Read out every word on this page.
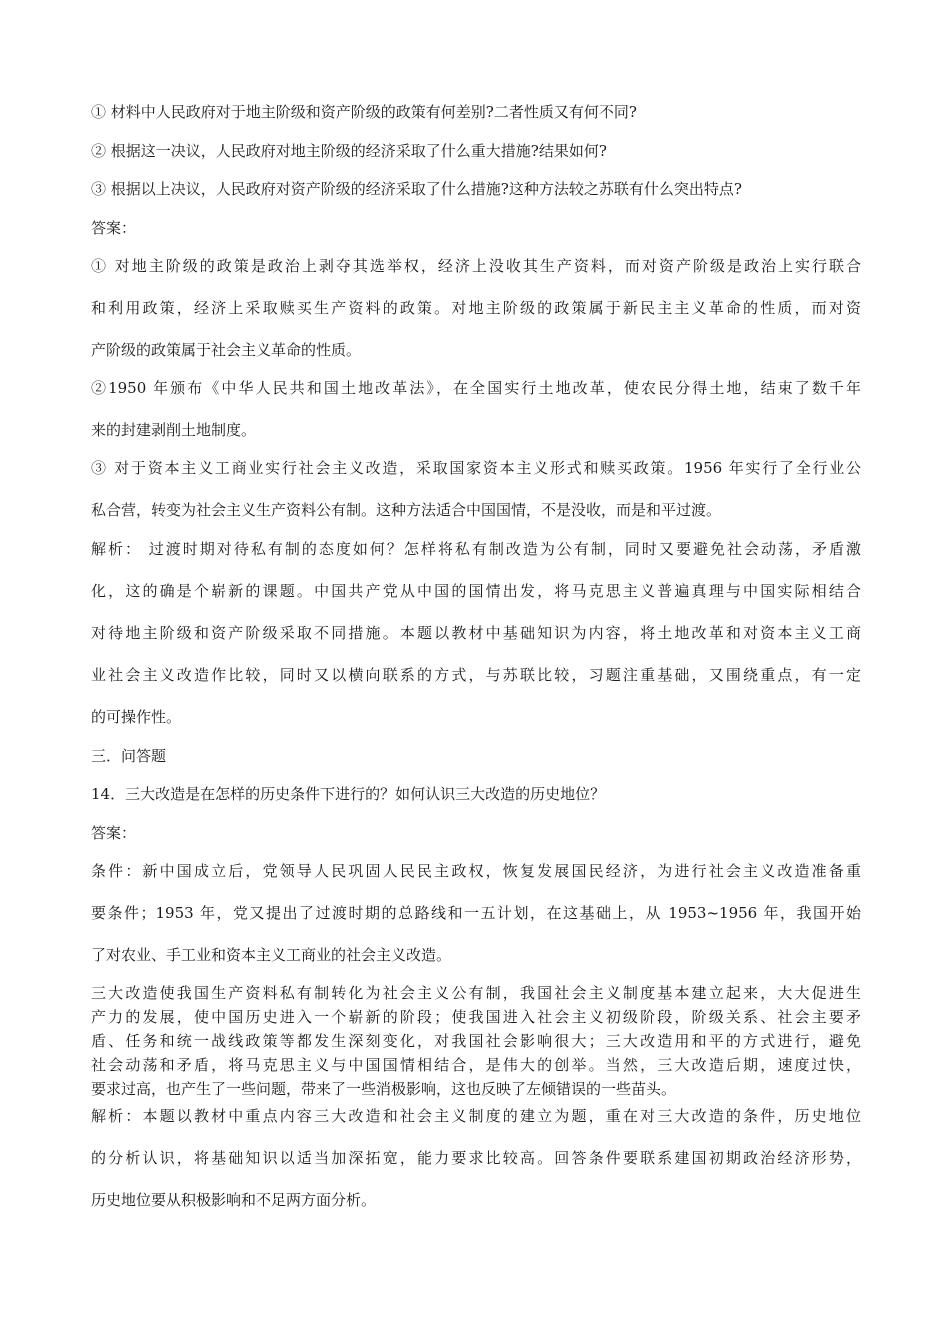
① 材料中人民政府对于地主阶级和资产阶级的政策有何差别?二者性质又有何不同?
② 根据这一决议，人民政府对地主阶级的经济采取了什么重大措施?结果如何?
③ 根据以上决议，人民政府对资产阶级的经济采取了什么措施?这种方法较之苏联有什么突出特点?
答案：
① 对地主阶级的政策是政治上剥夺其选举权，经济上没收其生产资料，而对资产阶级是政治上实行联合
和利用政策，经济上采取赎买生产资料的政策。对地主阶级的政策属于新民主主义革命的性质，而对资
产阶级的政策属于社会主义革命的性质。
②1950 年颁布《中华人民共和国土地改革法》，在全国实行土地改革，使农民分得土地，结束了数千年
来的封建剥削土地制度。
③ 对于资本主义工商业实行社会主义改造，采取国家资本主义形式和赎买政策。1956 年实行了全行业公
私合营，转变为社会主义生产资料公有制。这种方法适合中国国情，不是没收，而是和平过渡。
解析： 过渡时期对待私有制的态度如何？怎样将私有制改造为公有制，同时又要避免社会动荡，矛盾激
化，这的确是个崭新的课题。中国共产党从中国的国情出发，将马克思主义普遍真理与中国实际相结合
对待地主阶级和资产阶级采取不同措施。本题以教材中基础知识为内容，将土地改革和对资本主义工商
业社会主义改造作比较，同时又以横向联系的方式，与苏联比较，习题注重基础，又围绕重点，有一定
的可操作性。
三．问答题
14．三大改造是在怎样的历史条件下进行的？如何认识三大改造的历史地位？
答案：
条件：新中国成立后，党领导人民巩固人民民主政权，恢复发展国民经济，为进行社会主义改造准备重
要条件；1953 年，党又提出了过渡时期的总路线和一五计划，在这基础上，从 1953~1956 年，我国开始
了对农业、手工业和资本主义工商业的社会主义改造。
三大改造使我国生产资料私有制转化为社会主义公有制，我国社会主义制度基本建立起来，大大促进生
产力的发展，使中国历史进入一个崭新的阶段；使我国进入社会主义初级阶段，阶级关系、社会主要矛
盾、任务和统一战线政策等都发生深刻变化，对我国社会影响很大；三大改造用和平的方式进行，避免
社会动荡和矛盾，将马克思主义与中国国情相结合，是伟大的创举。当然，三大改造后期，速度过快，
要求过高，也产生了一些问题，带来了一些消极影响，这也反映了左倾错误的一些苗头。
解析：本题以教材中重点内容三大改造和社会主义制度的建立为题，重在对三大改造的条件，历史地位
的分析认识，将基础知识以适当加深拓宽，能力要求比较高。回答条件要联系建国初期政治经济形势，
历史地位要从积极影响和不足两方面分析。
